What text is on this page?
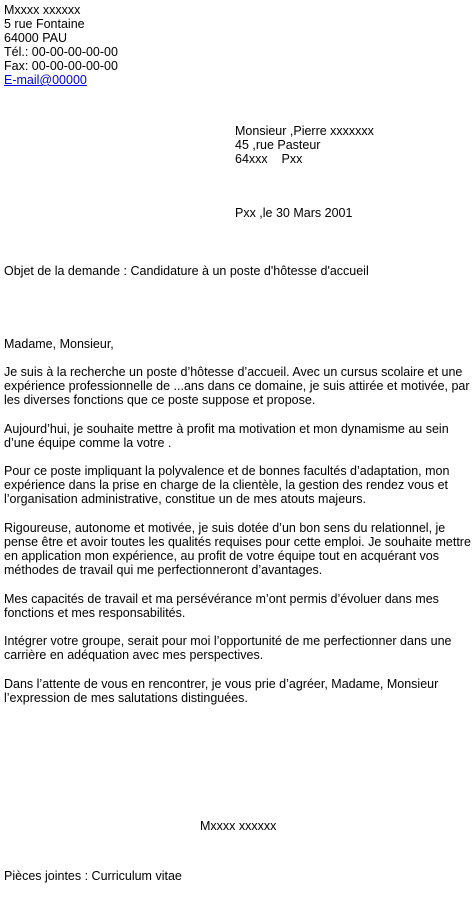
Mxxxx xxxxxx
5 rue Fontaine
64000 PAU
Tél.: 00-00-00-00-00
Fax: 00-00-00-00-00
E-mail@00000
Monsieur ,Pierre xxxxxxx
45 ,rue Pasteur
64xxx    Pxx
Pxx ,le 30 Mars 2001
Objet de la demande : Candidature à un poste d'hôtesse d'accueil
Madame, Monsieur,
Je suis à la recherche un poste d’hôtesse d’accueil. Avec un cursus scolaire et une
expérience professionnelle de ...ans dans ce domaine, je suis attirée et motivée, par
les diverses fonctions que ce poste suppose et propose.
Aujourd’hui, je souhaite mettre à profit ma motivation et mon dynamisme au sein
d’une équipe comme la votre .
Pour ce poste impliquant la polyvalence et de bonnes facultés d’adaptation, mon
expérience dans la prise en charge de la clientèle, la gestion des rendez vous et
l’organisation administrative, constitue un de mes atouts majeurs.
Rigoureuse, autonome et motivée, je suis dotée d’un bon sens du relationnel, je
pense être et avoir toutes les qualités requises pour cette emploi. Je souhaite mettre
en application mon expérience, au profit de votre équipe tout en acquérant vos
méthodes de travail qui me perfectionneront d’avantages.
Mes capacités de travail et ma persévérance m’ont permis d’évoluer dans mes
fonctions et mes responsabilités.
Intégrer votre groupe, serait pour moi l’opportunité de me perfectionner dans une
carrière en adéquation avec mes perspectives.
Dans l’attente de vous en rencontrer, je vous prie d’agréer, Madame, Monsieur
l’expression de mes salutations distinguées.
Mxxxx xxxxxx
Pièces jointes : Curriculum vitae
